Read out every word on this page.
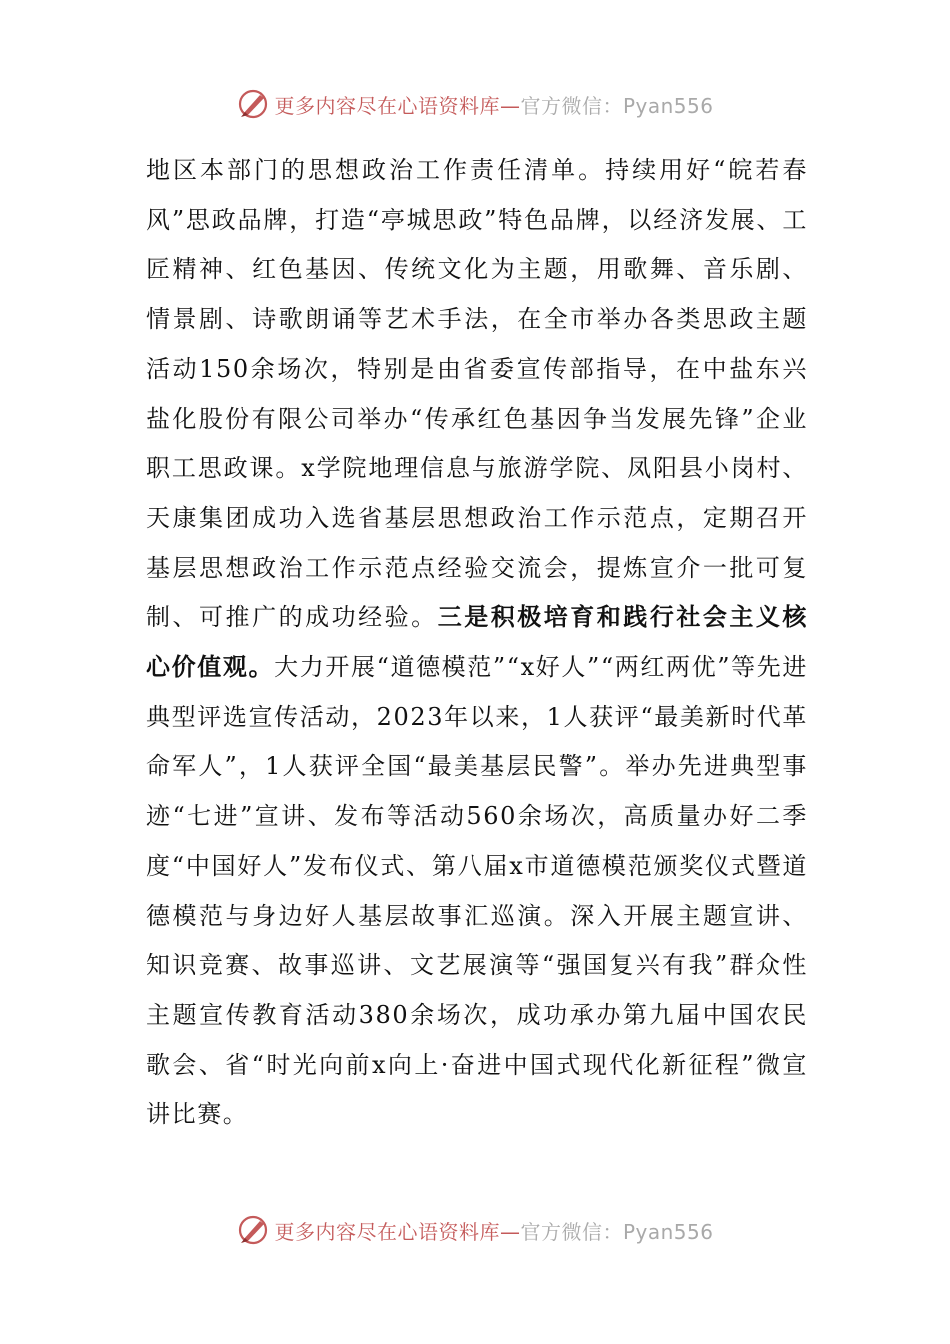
更多内容尽在心语资料库—官方微信：Pyan556

地区本部门的思想政治工作责任清单。持续用好“皖若春风”思政品牌，打造“亭城思政”特色品牌，以经济发展、工匠精神、红色基因、传统文化为主题，用歌舞、音乐剧、情景剧、诗歌朗诵等艺术手法，在全市举办各类思政主题活动150余场次，特别是由省委宣传部指导，在中盐东兴盐化股份有限公司举办“传承红色基因争当发展先锋”企业职工思政课。x学院地理信息与旅游学院、凤阳县小岗村、天康集团成功入选省基层思想政治工作示范点，定期召开基层思想政治工作示范点经验交流会，提炼宣介一批可复制、可推广的成功经验。三是积极培育和践行社会主义核心价值观。大力开展“道德模范”“x好人”“两红两优”等先进典型评选宣传活动，2023年以来，1人获评“最美新时代革命军人”，1人获评全国“最美基层民警”。举办先进典型事迹“七进”宣讲、发布等活动560余场次，高质量办好二季度“中国好人”发布仪式、第八届x市道德模范颁奖仪式暨道德模范与身边好人基层故事汇巡演。深入开展主题宣讲、知识竞赛、故事巡讲、文艺展演等“强国复兴有我”群众性主题宣传教育活动380余场次，成功承办第九届中国农民歌会、省“时光向前x向上·奋进中国式现代化新征程”微宣讲比赛。

更多内容尽在心语资料库—官方微信：Pyan556
